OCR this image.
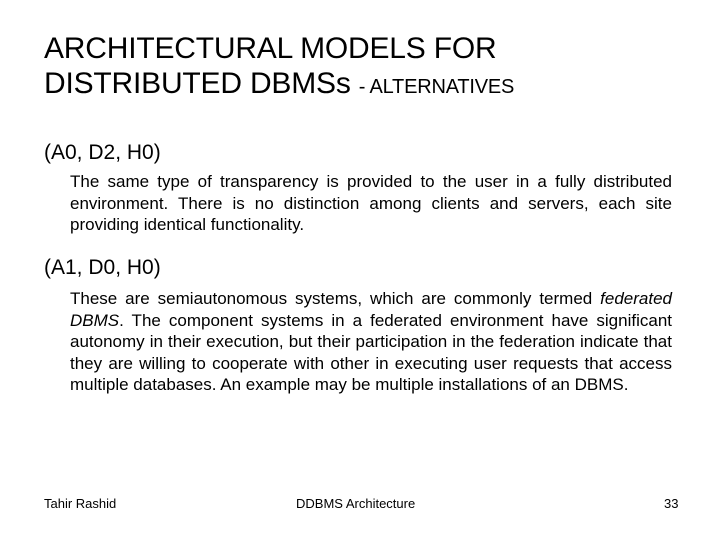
ARCHITECTURAL MODELS FOR DISTRIBUTED DBMSs - ALTERNATIVES
(A0, D2, H0)
The same type of transparency is provided to the user in a fully distributed environment. There is no distinction among clients and servers, each site providing identical functionality.
(A1, D0, H0)
These are semiautonomous systems, which are commonly termed federated DBMS. The component systems in a federated environment have significant autonomy in their execution, but their participation in the federation indicate that they are willing to cooperate with other in executing user requests that access multiple databases. An example may be multiple installations of an DBMS.
Tahir Rashid	DDBMS Architecture	33
